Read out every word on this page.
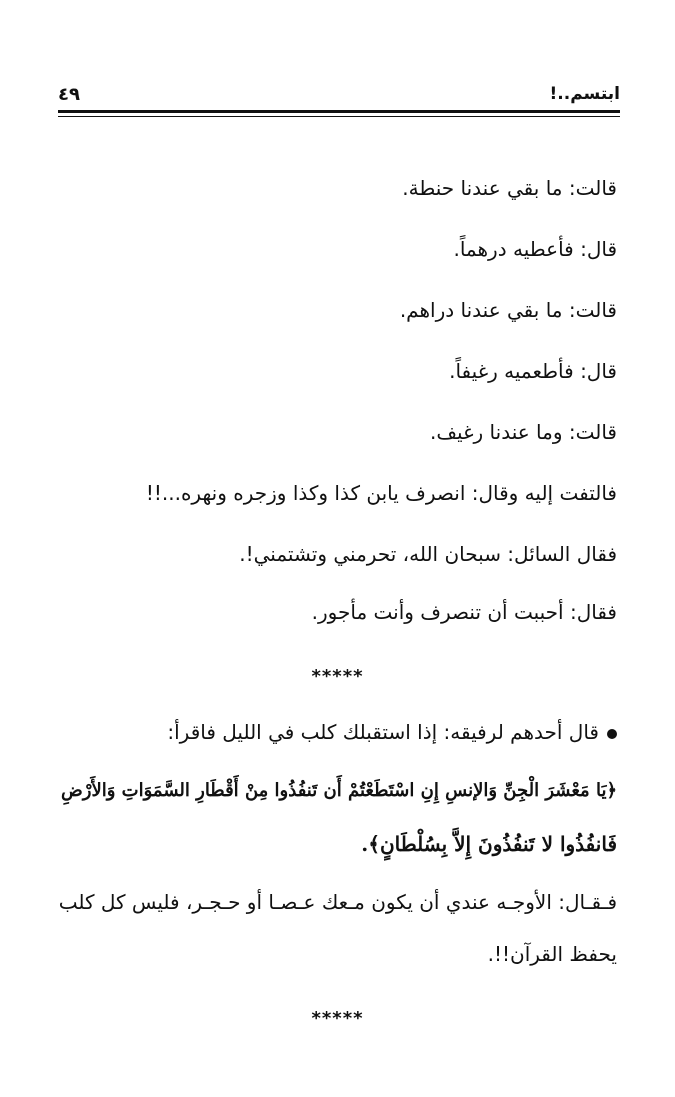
ابتسم..!
٤٩
قالت: ما بقي عندنا حنطة.
قال: فأعطيه درهماً.
قالت: ما بقي عندنا دراهم.
قال: فأطعميه رغيفاً.
قالت: وما عندنا رغيف.
فالتفت إليه وقال: انصرف يابن كذا وكذا وزجره ونهره...!!
فقال السائل: سبحان الله، تحرمني وتشتمني!.
فقال: أحببت أن تنصرف وأنت مأجور.
*****
قال أحدهم لرفيقه: إذا استقبلك كلب في الليل فاقرأ:
﴿يَا مَعْشَرَ الْجِنِّ وَالإنسِ إِنِ اسْتَطَعْتُمْ أَن تَنفُذُوا مِنْ أَقْطَارِ السَّمَوَاتِ وَالأَرْضِ
فَانفُذُوا لا تَنفُذُونَ إِلاَّ بِسُلْطَانٍ﴾.
فـقـال: الأوجـه عندي أن يكون مـعك عـصـا أو حـجـر، فليس كل كلب
يحفظ القرآن!!.
*****
